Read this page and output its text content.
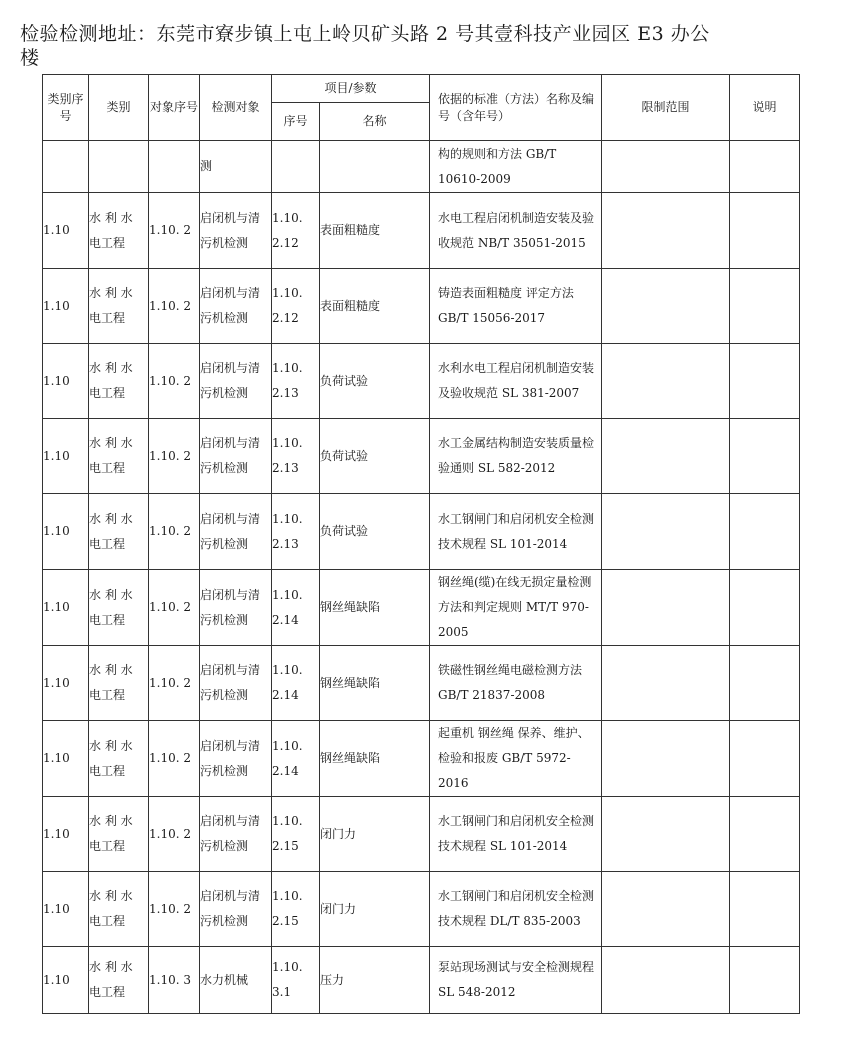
检验检测地址：东莞市寮步镇上屯上岭贝矿头路 2 号其壹科技产业园区 E3 办公
楼
类别序号	类别	对象序号	检测对象	项目/参数		依据的标准（方法）名称及编号（含年号）	限制范围	说明
				序号	名称			
			测			构的规则和方法 GB/T 10610-2009		
1.10	水 利 水 电工程	1.10. 2	启闭机与清污机检测	1.10. 2.12	表面粗糙度	水电工程启闭机制造安装及验收规范 NB/T 35051-2015		
1.10	水 利 水 电工程	1.10. 2	启闭机与清污机检测	1.10. 2.12	表面粗糙度	铸造表面粗糙度 评定方法 GB/T 15056-2017		
1.10	水 利 水 电工程	1.10. 2	启闭机与清污机检测	1.10. 2.13	负荷试验	水利水电工程启闭机制造安装及验收规范 SL 381-2007		
1.10	水 利 水 电工程	1.10. 2	启闭机与清污机检测	1.10. 2.13	负荷试验	水工金属结构制造安装质量检验通则 SL 582-2012		
1.10	水 利 水 电工程	1.10. 2	启闭机与清污机检测	1.10. 2.13	负荷试验	水工钢闸门和启闭机安全检测技术规程 SL 101-2014		
1.10	水 利 水 电工程	1.10. 2	启闭机与清污机检测	1.10. 2.14	钢丝绳缺陷	钢丝绳(缆)在线无损定量检测方法和判定规则 MT/T 970-2005		
1.10	水 利 水 电工程	1.10. 2	启闭机与清污机检测	1.10. 2.14	钢丝绳缺陷	铁磁性钢丝绳电磁检测方法 GB/T 21837-2008		
1.10	水 利 水 电工程	1.10. 2	启闭机与清污机检测	1.10. 2.14	钢丝绳缺陷	起重机 钢丝绳 保养、维护、检验和报废 GB/T 5972-2016		
1.10	水 利 水 电工程	1.10. 2	启闭机与清污机检测	1.10. 2.15	闭门力	水工钢闸门和启闭机安全检测技术规程 SL 101-2014		
1.10	水 利 水 电工程	1.10. 2	启闭机与清污机检测	1.10. 2.15	闭门力	水工钢闸门和启闭机安全检测技术规程 DL/T 835-2003		
1.10	水 利 水 电工程	1.10. 3	水力机械	1.10. 3.1	压力	泵站现场测试与安全检测规程 SL 548-2012		
